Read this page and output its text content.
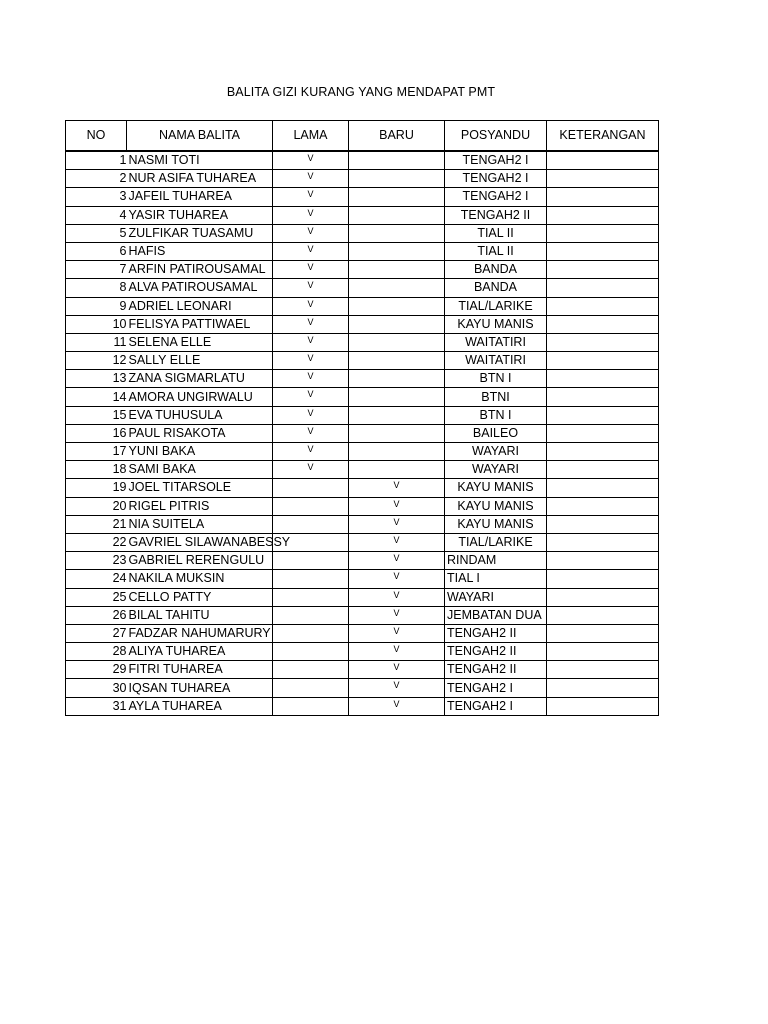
BALITA GIZI KURANG YANG MENDAPAT PMT
NO	NAMA BALITA	LAMA	BARU	POSYANDU	KETERANGAN
1	NASMI TOTI	V		TENGAH2 I	
2	NUR ASIFA TUHAREA	V		TENGAH2 I	
3	JAFEIL TUHAREA	V		TENGAH2 I	
4	YASIR TUHAREA	V		TENGAH2 II	
5	ZULFIKAR TUASAMU	V		TIAL II	
6	HAFIS	V		TIAL II	
7	ARFIN PATIROUSAMAL	V		BANDA	
8	ALVA PATIROUSAMAL	V		BANDA	
9	ADRIEL LEONARI	V		TIAL/LARIKE	
10	FELISYA PATTIWAEL	V		KAYU MANIS	
11	SELENA ELLE	V		WAITATIRI	
12	SALLY ELLE	V		WAITATIRI	
13	ZANA SIGMARLATU	V		BTN I	
14	AMORA UNGIRWALU	V		BTNI	
15	EVA TUHUSULA	V		BTN I	
16	PAUL RISAKOTA	V		BAILEO	
17	YUNI BAKA	V		WAYARI	
18	SAMI BAKA	V		WAYARI	
19	JOEL TITARSOLE		V	KAYU MANIS	
20	RIGEL PITRIS		V	KAYU MANIS	
21	NIA SUITELA		V	KAYU MANIS	
22	GAVRIEL SILAWANABESSY		V	TIAL/LARIKE	
23	GABRIEL RERENGULU		V	RINDAM	
24	NAKILA MUKSIN		V	TIAL I	
25	CELLO PATTY		V	WAYARI	
26	BILAL TAHITU		V	JEMBATAN DUA	
27	FADZAR NAHUMARURY		V	TENGAH2 II	
28	ALIYA TUHAREA		V	TENGAH2 II	
29	FITRI TUHAREA		V	TENGAH2 II	
30	IQSAN TUHAREA		V	TENGAH2 I	
31	AYLA TUHAREA		V	TENGAH2 I	
